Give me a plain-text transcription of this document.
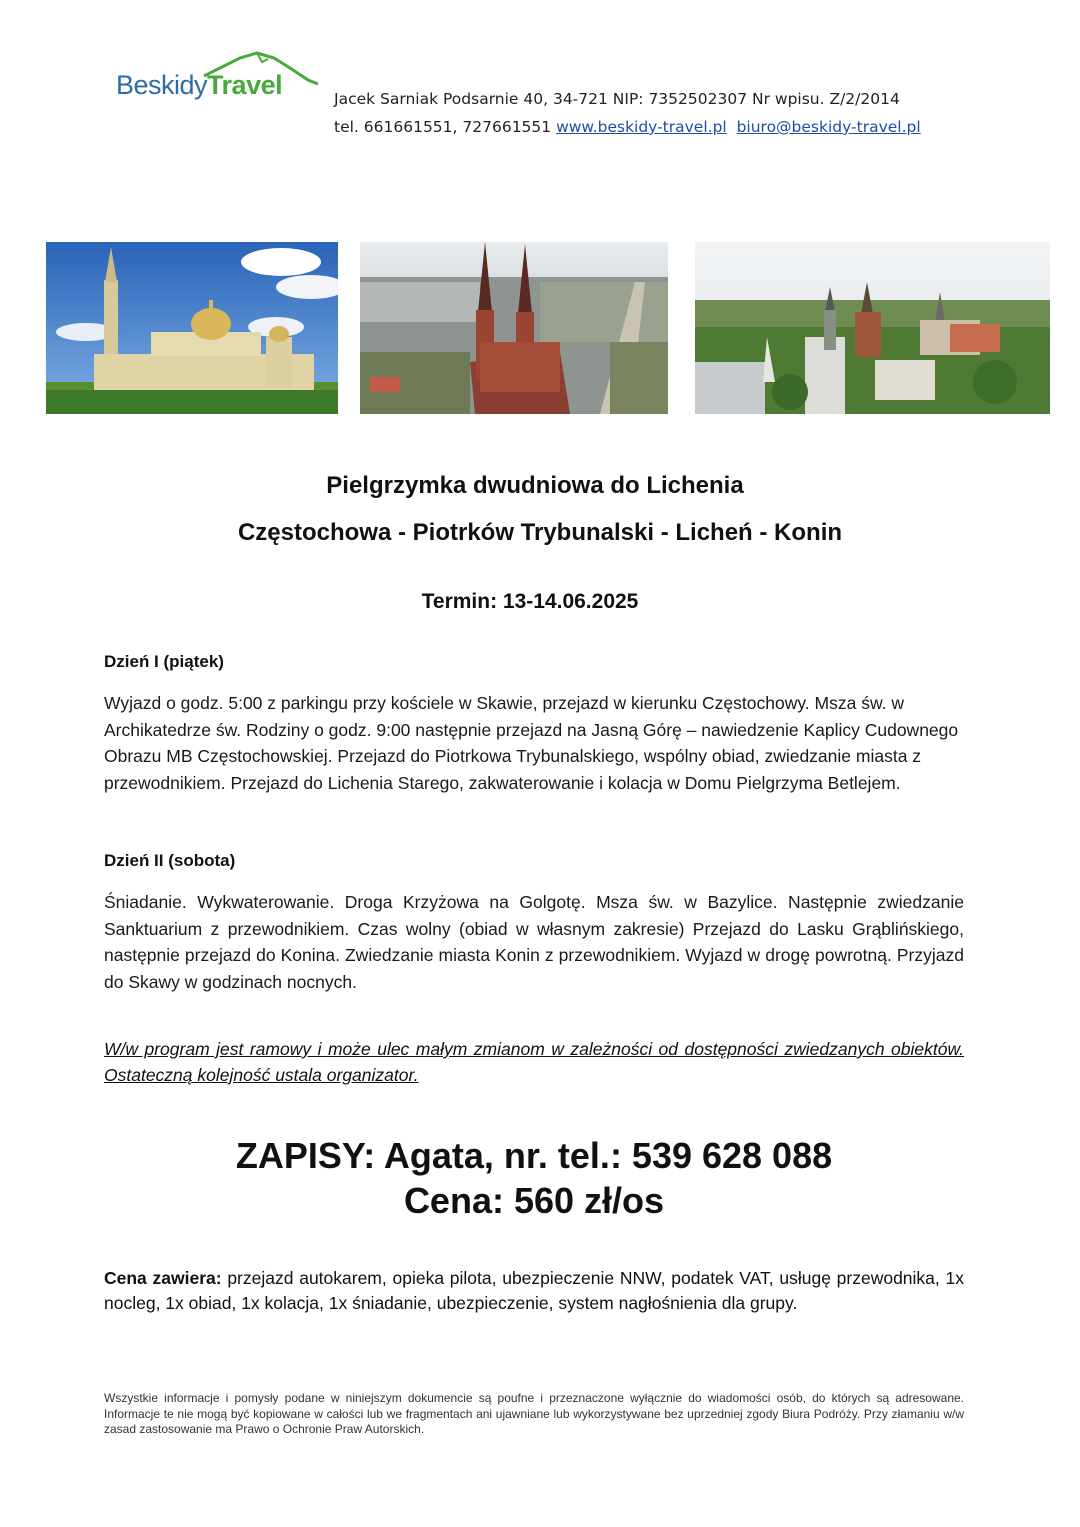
BeskidyTravel	Jacek Sarniak Podsarnie 40, 34-721 NIP: 7352502307 Nr wpisu. Z/2/2014
tel. 661661551, 727661551 www.beskidy-travel.pl biuro@beskidy-travel.pl
Pielgrzymka dwudniowa do Lichenia
Częstochowa - Piotrków Trybunalski - Licheń - Konin
Termin: 13-14.06.2025
Dzień I (piątek)
Wyjazd o godz. 5:00 z parkingu przy kościele w Skawie, przejazd w kierunku Częstochowy. Msza św. w Archikatedrze św. Rodziny o godz. 9:00 następnie przejazd na Jasną Górę – nawiedzenie Kaplicy Cudownego Obrazu MB Częstochowskiej. Przejazd do Piotrkowa Trybunalskiego, wspólny obiad, zwiedzanie miasta z przewodnikiem. Przejazd do Lichenia Starego, zakwaterowanie i kolacja w Domu Pielgrzyma Betlejem.
Dzień II (sobota)
Śniadanie. Wykwaterowanie. Droga Krzyżowa na Golgotę. Msza św. w Bazylice. Następnie zwiedzanie Sanktuarium z przewodnikiem. Czas wolny (obiad w własnym zakresie) Przejazd do Lasku Grąblińskiego, następnie przejazd do Konina. Zwiedzanie miasta Konin z przewodnikiem. Wyjazd w drogę powrotną. Przyjazd do Skawy w godzinach nocnych.
W/w program jest ramowy i może ulec małym zmianom w zależności od dostępności zwiedzanych obiektów. Ostateczną kolejność ustala organizator.
ZAPISY: Agata, nr. tel.: 539 628 088
Cena: 560 zł/os
Cena zawiera: przejazd autokarem, opieka pilota, ubezpieczenie NNW, podatek VAT, usługę przewodnika, 1x nocleg, 1x obiad, 1x kolacja, 1x śniadanie, ubezpieczenie, system nagłośnienia dla grupy.
Wszystkie informacje i pomysły podane w niniejszym dokumencie są poufne i przeznaczone wyłącznie do wiadomości osób, do których są adresowane. Informacje te nie mogą być kopiowane w całości lub we fragmentach ani ujawniane lub wykorzystywane bez uprzedniej zgody Biura Podróży. Przy złamaniu w/w zasad zastosowanie ma Prawo o Ochronie Praw Autorskich.
